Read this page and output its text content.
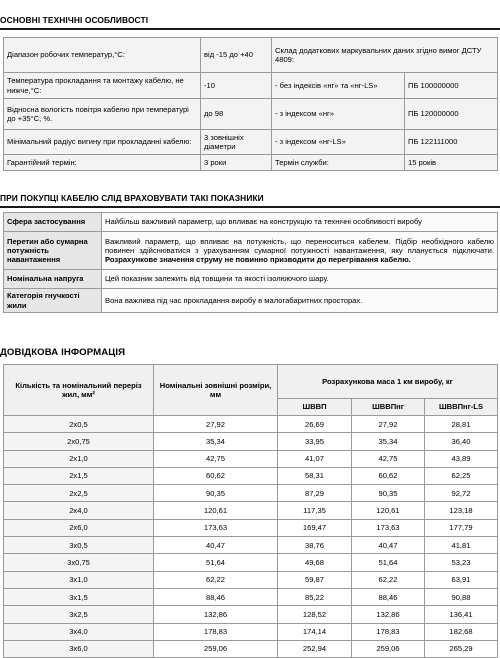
ОСНОВНІ ТЕХНІЧНІ ОСОБЛИВОСТІ
Діапазон робочих температур,°С:	від -15 до +40	Склад додаткових маркувальних даних згідно вимог ДСТУ 4809:	
Температура прокладання та монтажу кабелю, не нижче,°С:	-10	- без індексів «нг» та «нг-LS»	ПБ 100000000
Відносна вологість повітря кабелю при температурі до +35°С, %.	до 98	- з індексом «нг»	ПБ 120000000
Мінімальний радіус вигину при прокладанні кабелю:	3 зовнішніх діаметри	- з індексом «нг-LS»	ПБ 122111000
Гарантійний термін:	3 роки	Термін служби:	15 років
ПРИ ПОКУПЦІ КАБЕЛЮ СЛІД ВРАХОВУВАТИ ТАКІ ПОКАЗНИКИ
Сфера застосування	Найбільш важливий параметр, що впливає на конструкцію та технічні особливості виробу
Перетин або сумарна потужність навантаження	Важливий параметр, що впливає на потужність, що переноситься кабелем. Підбір необхідного кабелю повинен здійснюватися з урахуванням сумарної потужності навантаження, яку планується підключати. Розрахункове значення струму не повинно призводити до перегрівання кабелю.
Номінальна напруга	Цей показник залежить від товщини та якості ізолюючого шару.
Категорія гнучкості жили	Вона важлива під час прокладання виробу в малогабаритних просторах.
ДОВІДКОВА ІНФОРМАЦІЯ
Кількість та номінальний переріз жил, мм²	Номінальні зовнішні розміри, мм	Розрахункова маса 1 км виробу, кг		
		ШВВП	ШВВПнг	ШВВПнг-LS
2х0,5	27,92	26,69	27,92	28,81
2х0,75	35,34	33,95	35,34	36,40
2х1,0	42,75	41,07	42,75	43,89
2х1,5	60,62	58,31	60,62	62,25
2х2,5	90,35	87,29	90,35	92,72
2х4,0	120,61	117,35	120,61	123,18
2х6,0	173,63	169,47	173,63	177,79
3х0,5	40,47	38,76	40,47	41,81
3х0,75	51,64	49,68	51,64	53,23
3х1,0	62,22	59,87	62,22	63,91
3х1,5	88,46	85,22	88,46	90,88
3х2,5	132,86	128,52	132,86	136,41
3х4,0	178,83	174,14	178,83	182,68
3х6,0	259,06	252,94	259,06	265,29
